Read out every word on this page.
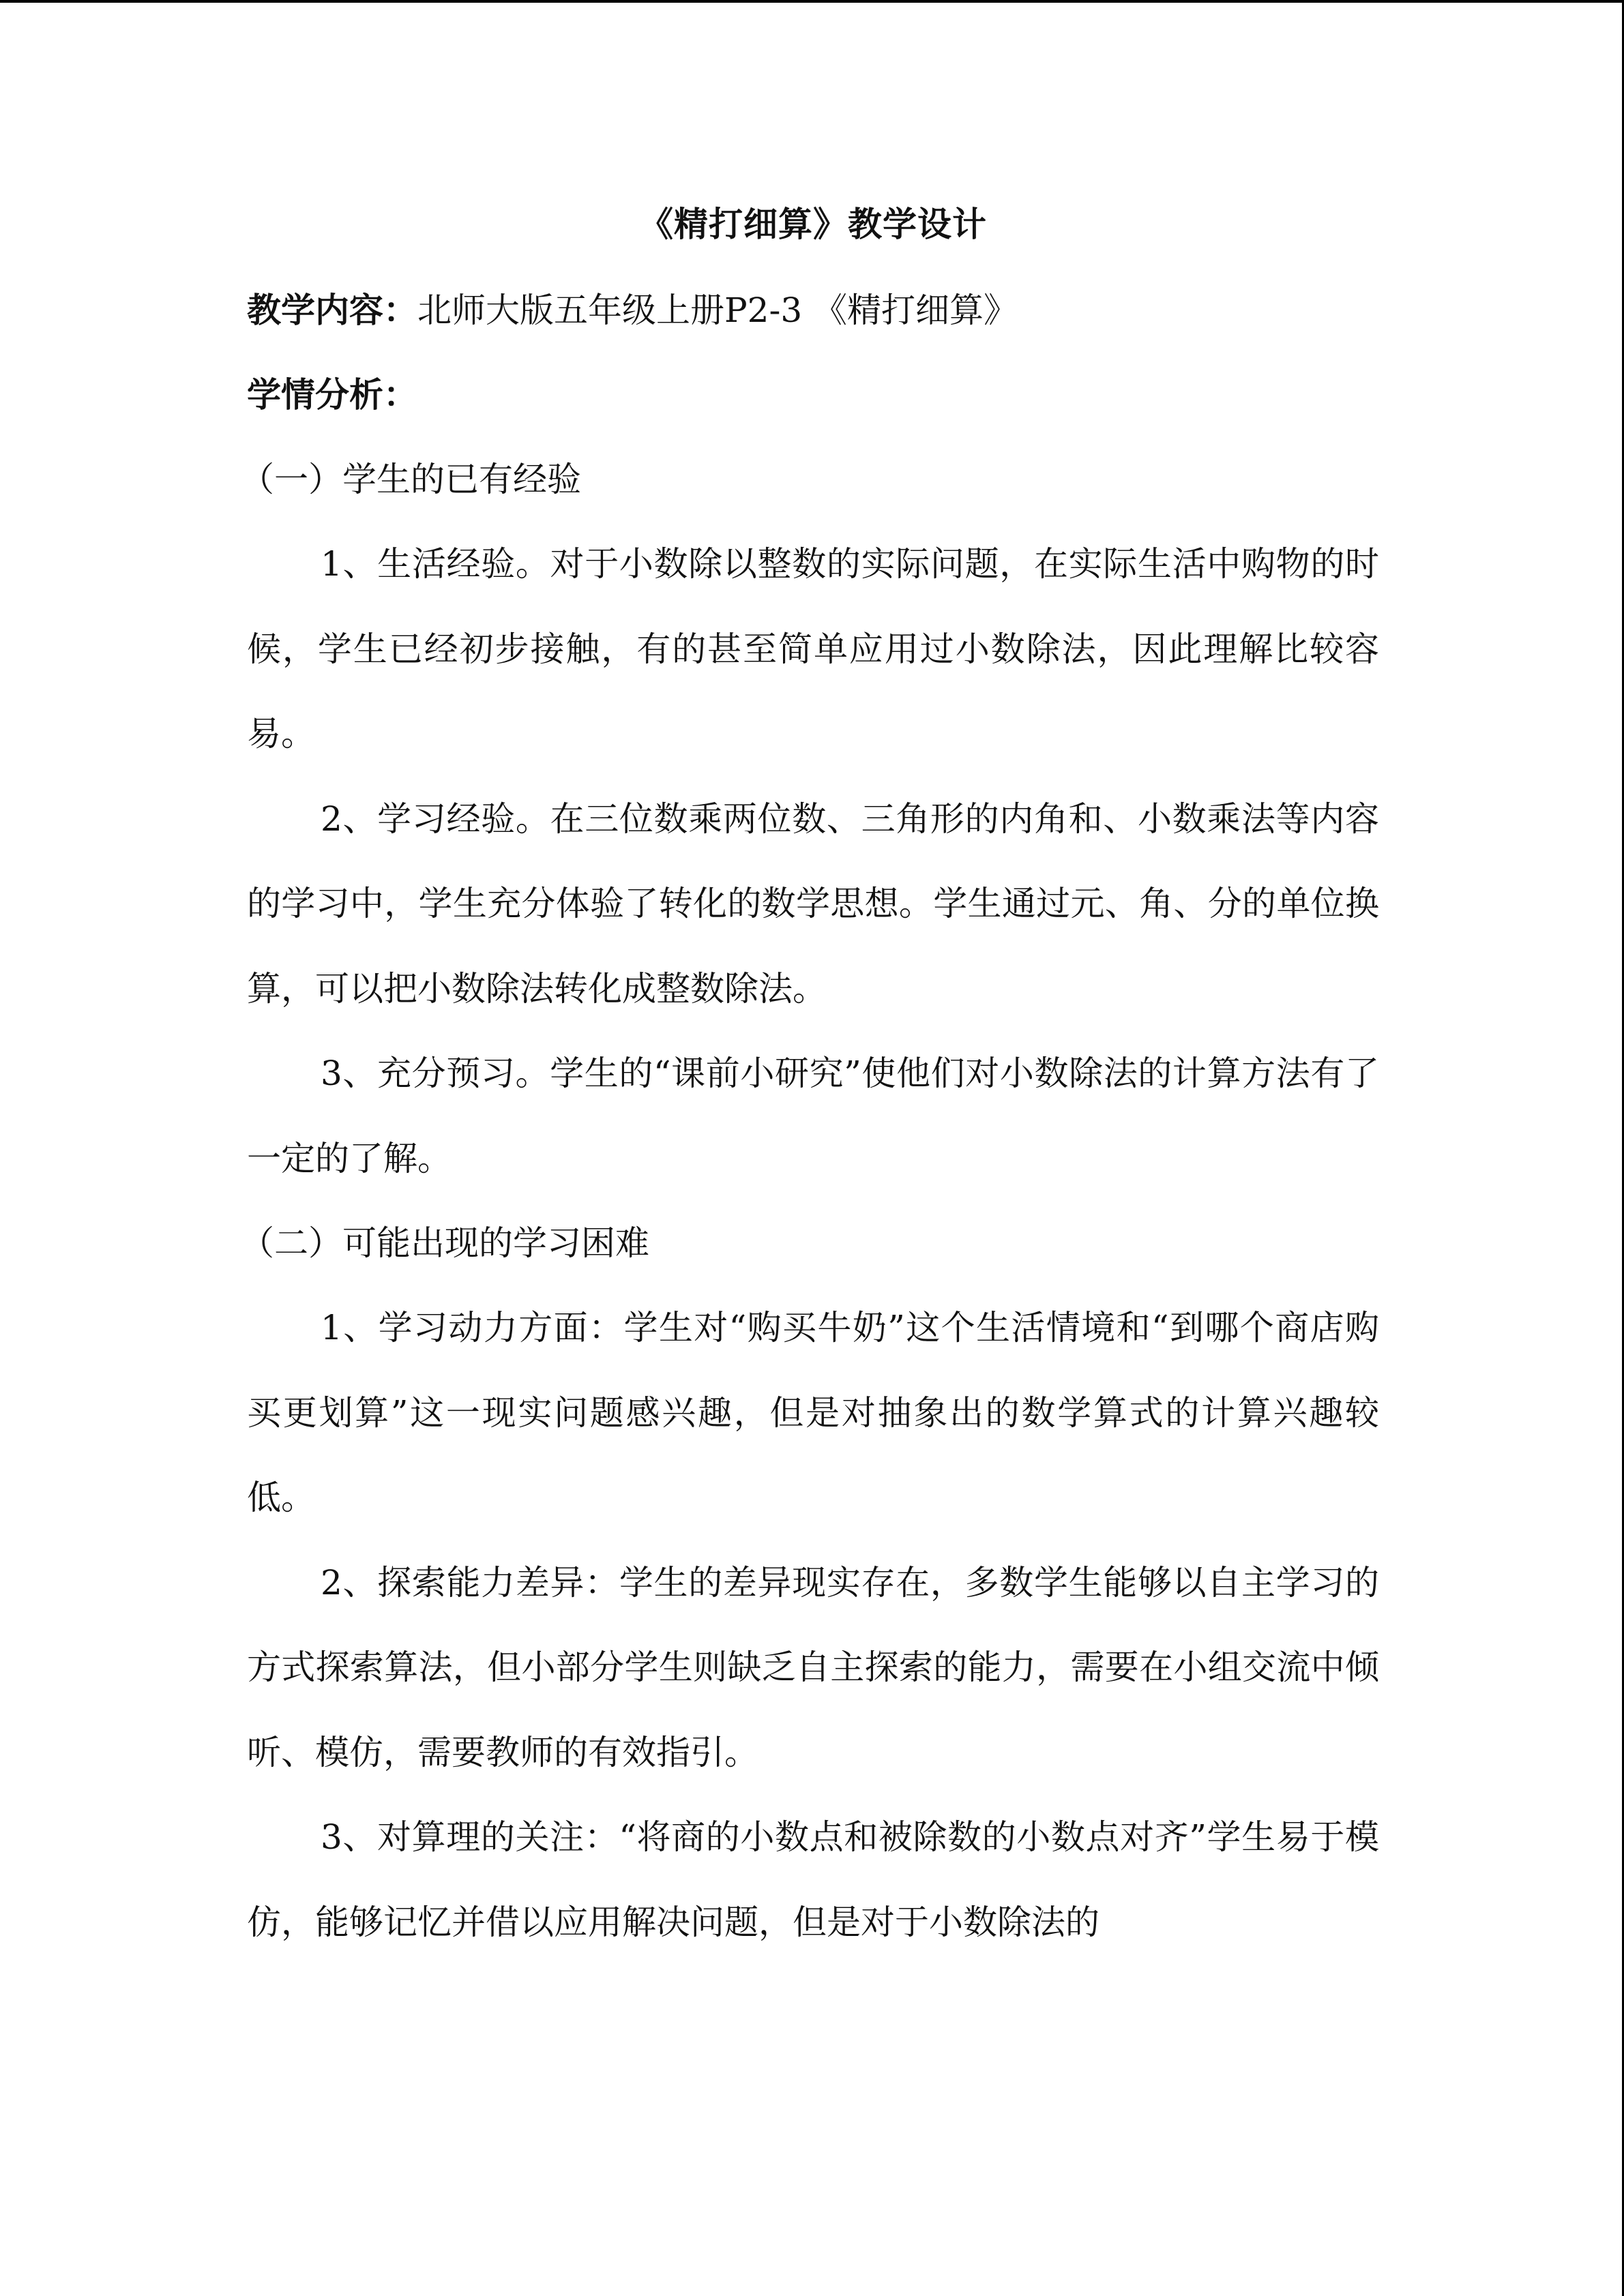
《精打细算》教学设计

教学内容：北师大版五年级上册P2-3 《精打细算》

学情分析：

（一）学生的已有经验

1、生活经验。对于小数除以整数的实际问题，在实际生活中购物的时候，学生已经初步接触，有的甚至简单应用过小数除法，因此理解比较容易。

2、学习经验。在三位数乘两位数、三角形的内角和、小数乘法等内容的学习中，学生充分体验了转化的数学思想。学生通过元、角、分的单位换算，可以把小数除法转化成整数除法。

3、充分预习。学生的“课前小研究”使他们对小数除法的计算方法有了一定的了解。

（二）可能出现的学习困难

1、学习动力方面：学生对“购买牛奶”这个生活情境和“到哪个商店购买更划算”这一现实问题感兴趣，但是对抽象出的数学算式的计算兴趣较低。

2、探索能力差异：学生的差异现实存在，多数学生能够以自主学习的方式探索算法，但小部分学生则缺乏自主探索的能力，需要在小组交流中倾听、模仿，需要教师的有效指引。

3、对算理的关注：“将商的小数点和被除数的小数点对齐”学生易于模仿，能够记忆并借以应用解决问题，但是对于小数除法的
